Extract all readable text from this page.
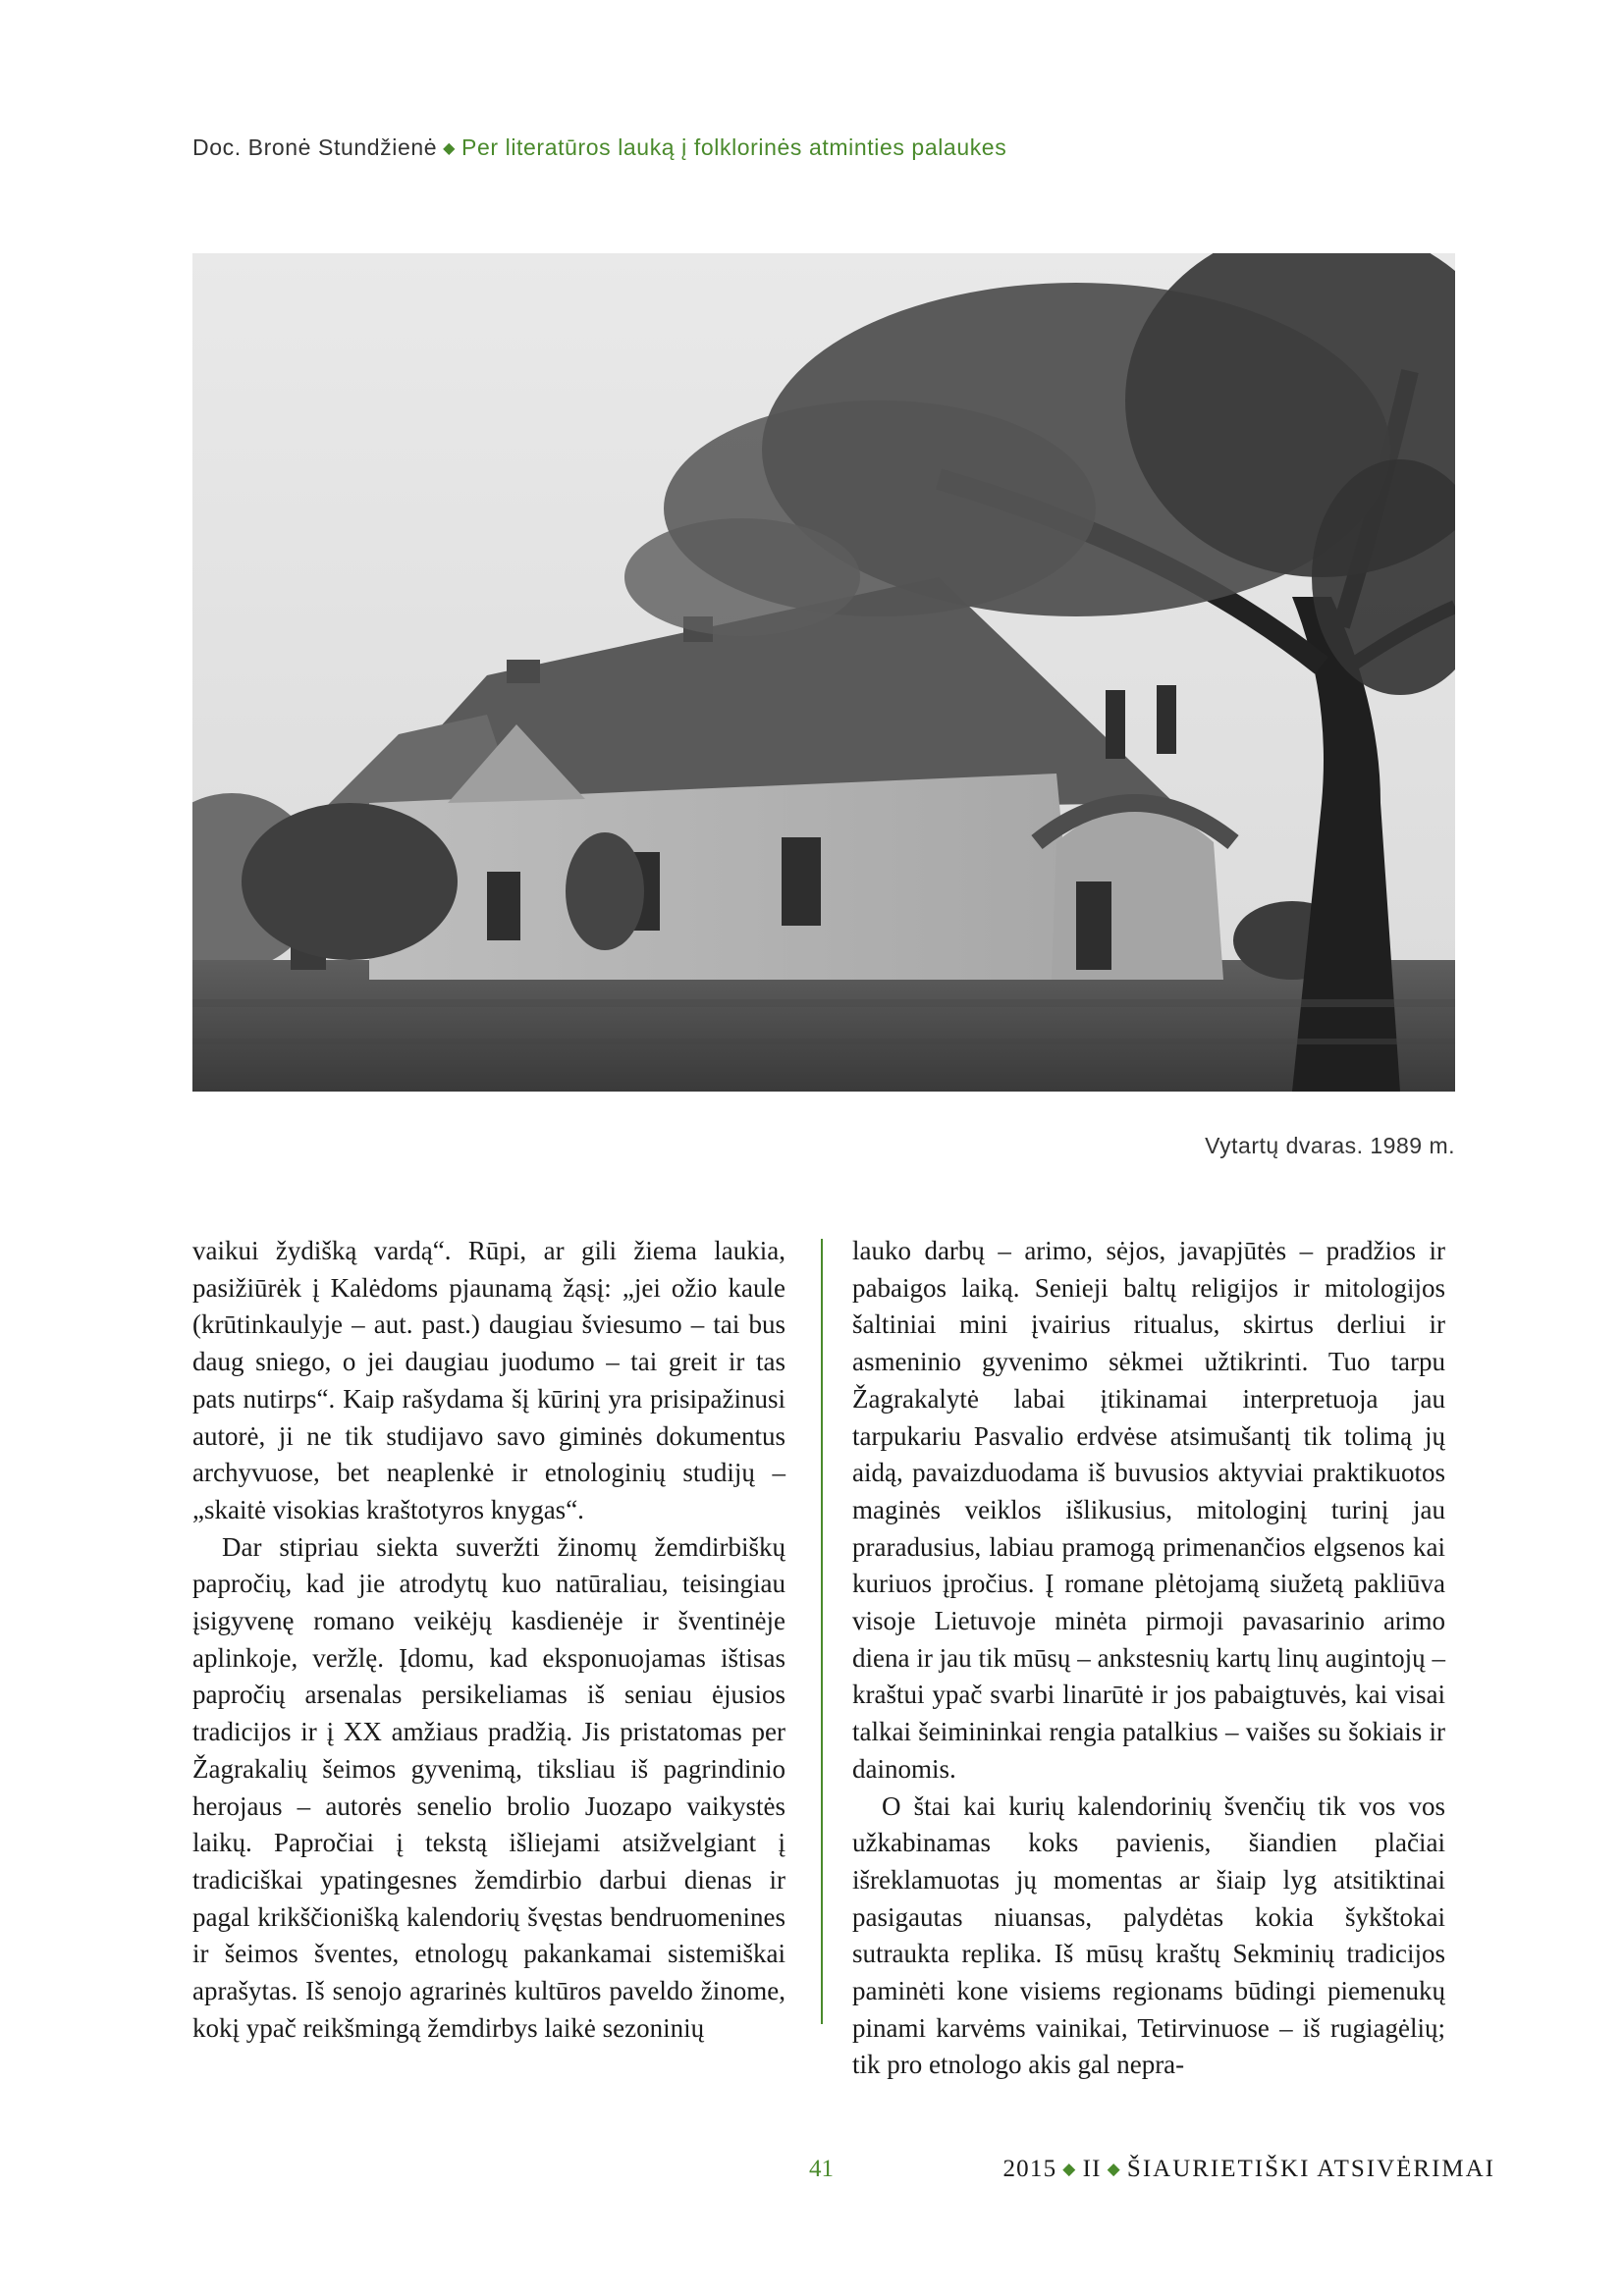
Doc. Bronė Stundžienė ◆ Per literatūros lauką į folklorinės atminties palaukes
Vytartų dvaras. 1989 m.

vaikui žydišką vardą“. Rūpi, ar gili žiema laukia, pasižiūrėk į Kalėdoms pjaunamą žąsį: „jei ožio kaule (krūtinkaulyje – aut. past.) daugiau šviesumo – tai bus daug sniego, o jei daugiau juodumo – tai greit ir tas pats nutirps“. Kaip rašydama šį kūrinį yra prisipažinusi autorė, ji ne tik studijavo savo giminės dokumentus archyvuose, bet neaplenkė ir etnologinių studijų – „skaitė visokias kraštotyros knygas“.

Dar stipriau siekta suveržti žinomų žemdirbiškų papročių, kad jie atrodytų kuo natūraliau, teisingiau įsigyvenę romano veikėjų kasdienėje ir šventinėje aplinkoje, veržlę. Įdomu, kad eksponuojamas ištisas papročių arsenalas persikeliamas iš seniau ėjusios tradicijos ir į XX amžiaus pradžią. Jis pristatomas per Žagrakalių šeimos gyvenimą, tiksliau iš pagrindinio herojaus – autorės senelio brolio Juozapo vaikystės laikų. Papročiai į tekstą išliejami atsižvelgiant į tradiciškai ypatingesnes žemdirbio darbui dienas ir pagal krikščionišką kalendorių švęstas bendruomenines ir šeimos šventes, etnologų pakankamai sistemiškai aprašytas. Iš senojo agrarinės kultūros paveldo žinome, kokį ypač reikšmingą žemdirbys laikė sezoninių

lauko darbų – arimo, sėjos, javapjūtės – pradžios ir pabaigos laiką. Senieji baltų religijos ir mitologijos šaltiniai mini įvairius ritualus, skirtus derliui ir asmeninio gyvenimo sėkmei užtikrinti. Tuo tarpu Žagrakalytė labai įtikinamai interpretuoja jau tarpukariu Pasvalio erdvėse atsimušantį tik tolimą jų aidą, pavaizduodama iš buvusios aktyviai praktikuotos maginės veiklos išlikusius, mitologinį turinį jau praradusius, labiau pramogą primenančios elgsenos kai kuriuos įpročius. Į romane plėtojamą siužetą pakliūva visoje Lietuvoje minėta pirmoji pavasarinio arimo diena ir jau tik mūsų – ankstesnių kartų linų augintojų – kraštui ypač svarbi linarūtė ir jos pabaigtuvės, kai visai talkai šeimininkai rengia patalkius – vaišes su šokiais ir dainomis.

O štai kai kurių kalendorinių švenčių tik vos vos užkabinamas koks pavienis, šiandien plačiai išreklamuotas jų momentas ar šiaip lyg atsitiktinai pasigautas niuansas, palydėtas kokia šykštokai sutraukta replika. Iš mūsų kraštų Sekminių tradicijos paminėti kone visiems regionams būdingi piemenukų pinami karvėms vainikai, Tetirvinuose – iš rugiagėlių; tik pro etnologo akis gal nepra-

41	2015 ◆ II ◆ ŠIAURIETIŠKI ATSIVĖRIMAI
